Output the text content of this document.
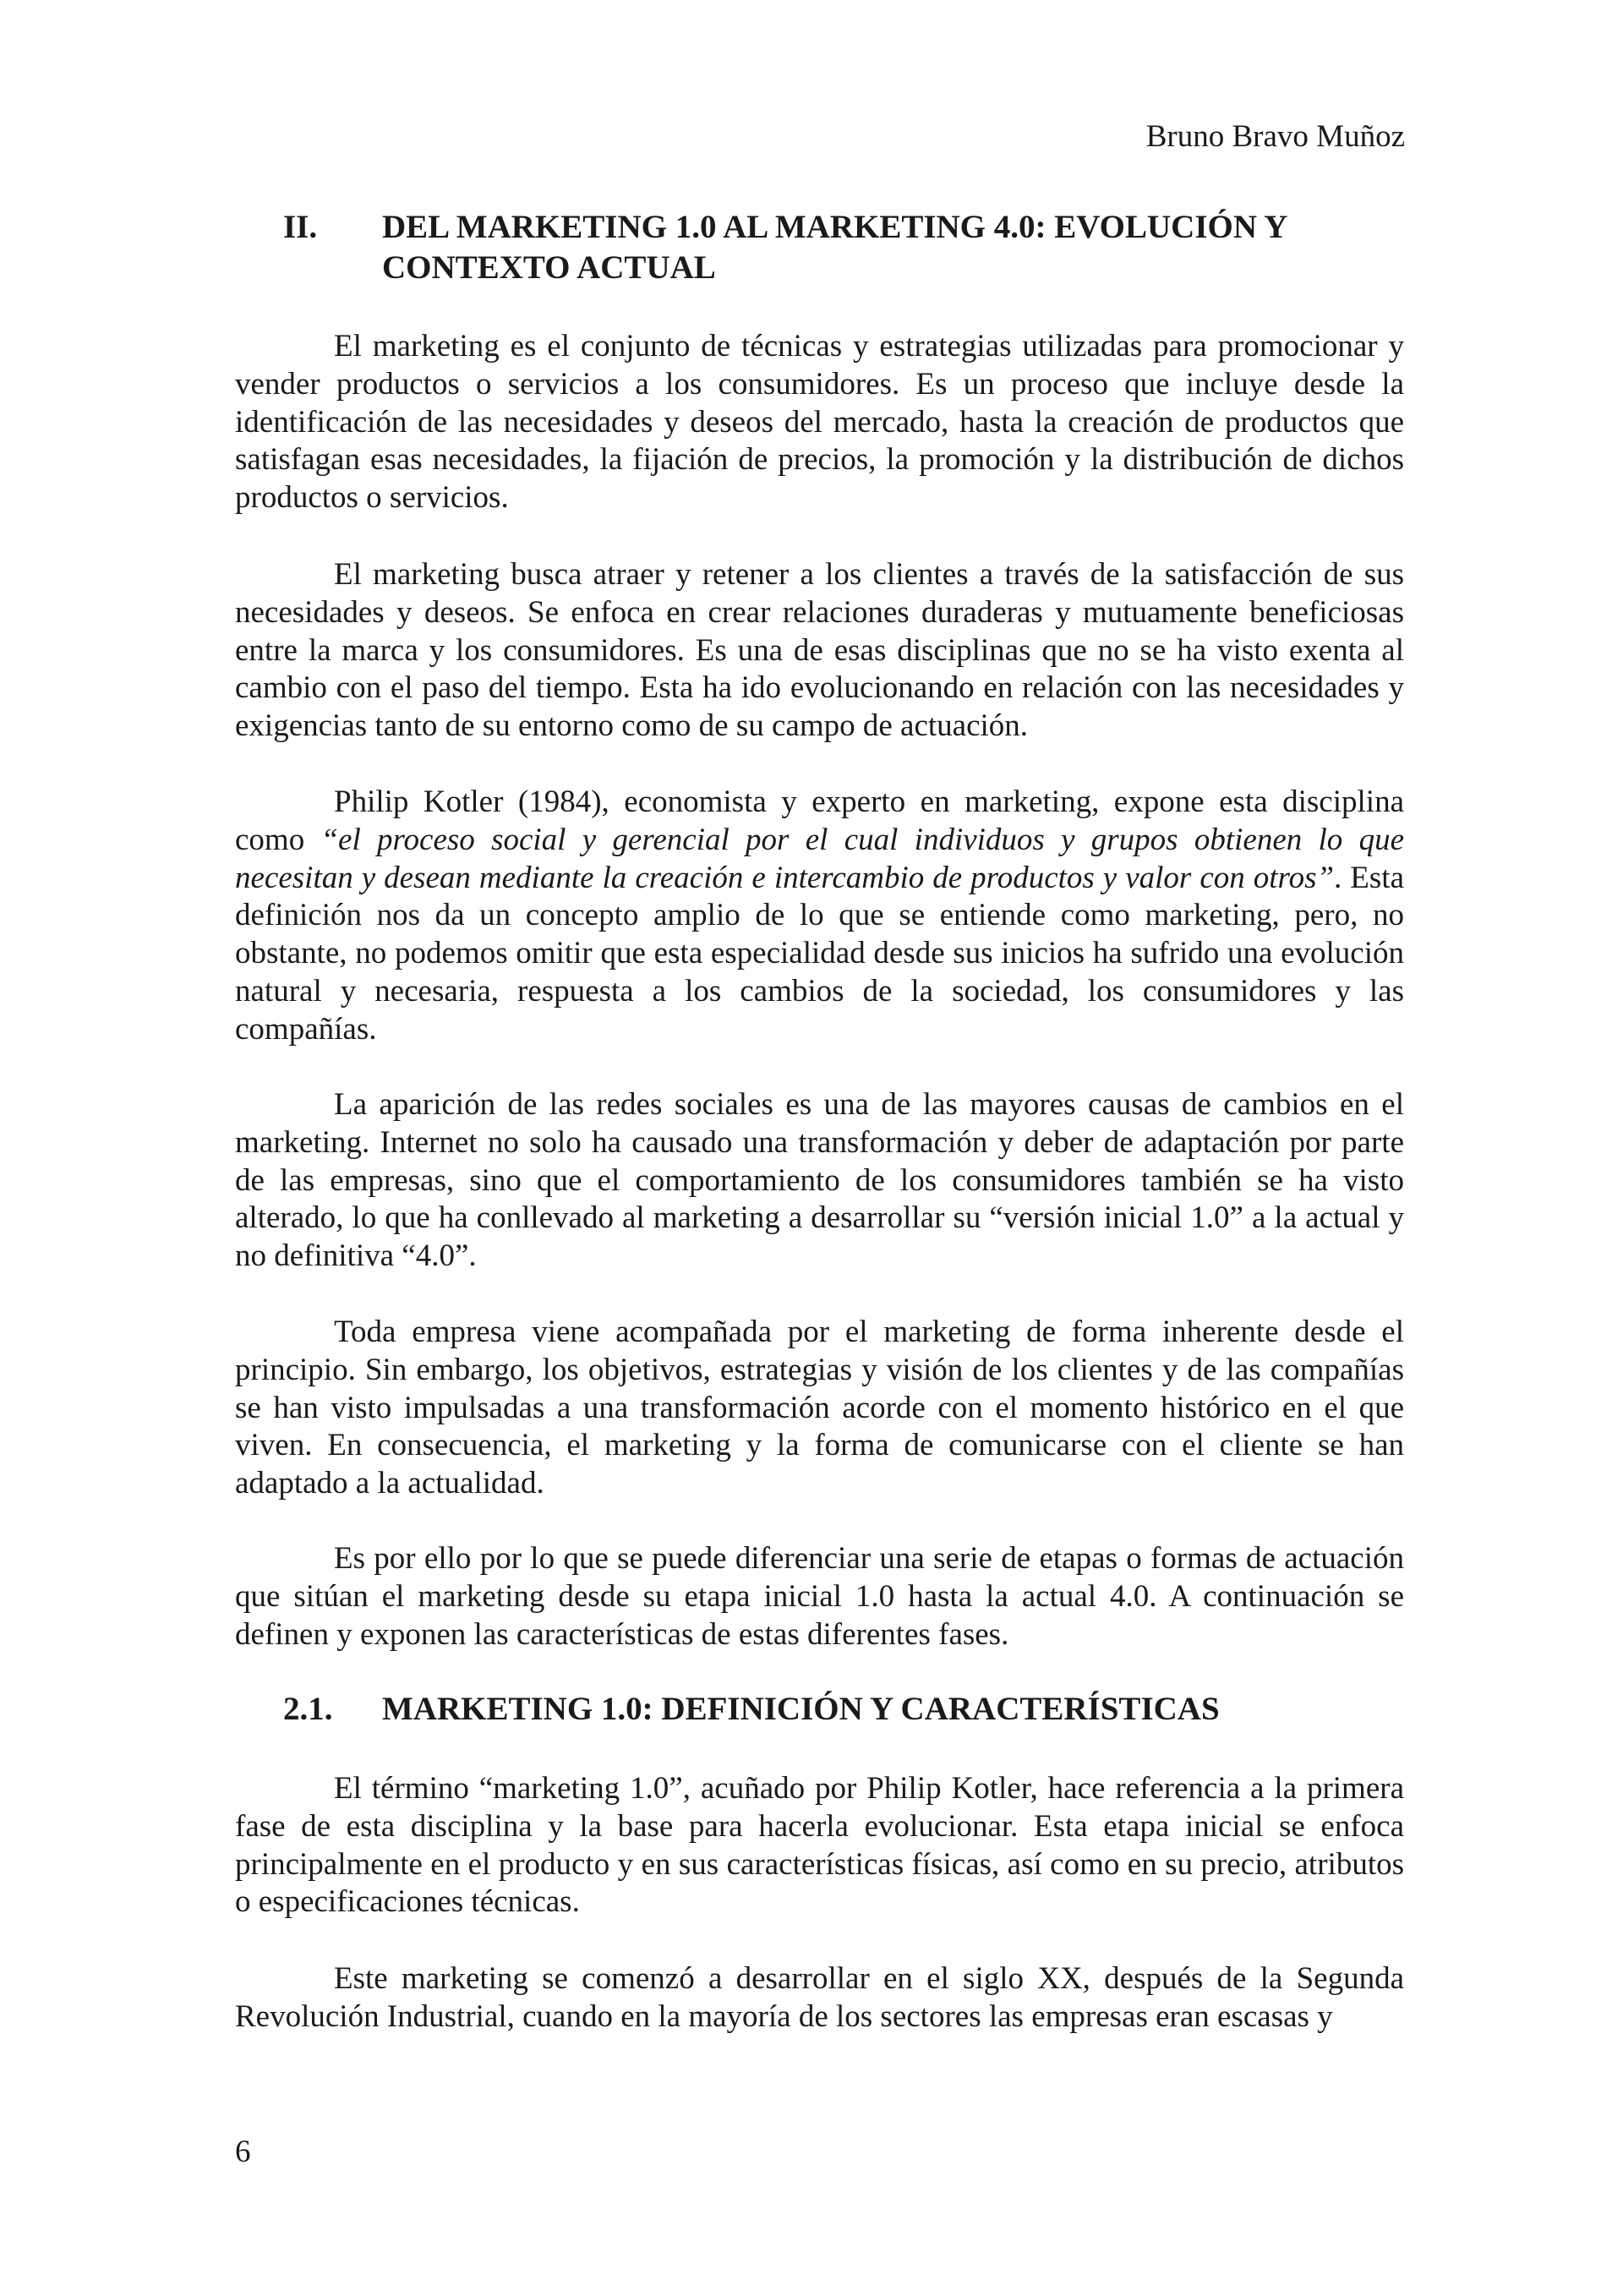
Bruno Bravo Muñoz
II. DEL MARKETING 1.0 AL MARKETING 4.0: EVOLUCIÓN Y CONTEXTO ACTUAL

El marketing es el conjunto de técnicas y estrategias utilizadas para promocionar y vender productos o servicios a los consumidores. Es un proceso que incluye desde la identificación de las necesidades y deseos del mercado, hasta la creación de productos que satisfagan esas necesidades, la fijación de precios, la promoción y la distribución de dichos productos o servicios.

El marketing busca atraer y retener a los clientes a través de la satisfacción de sus necesidades y deseos. Se enfoca en crear relaciones duraderas y mutuamente beneficiosas entre la marca y los consumidores. Es una de esas disciplinas que no se ha visto exenta al cambio con el paso del tiempo. Esta ha ido evolucionando en relación con las necesidades y exigencias tanto de su entorno como de su campo de actuación.

Philip Kotler (1984), economista y experto en marketing, expone esta disciplina como “el proceso social y gerencial por el cual individuos y grupos obtienen lo que necesitan y desean mediante la creación e intercambio de productos y valor con otros”. Esta definición nos da un concepto amplio de lo que se entiende como marketing, pero, no obstante, no podemos omitir que esta especialidad desde sus inicios ha sufrido una evolución natural y necesaria, respuesta a los cambios de la sociedad, los consumidores y las compañías.

La aparición de las redes sociales es una de las mayores causas de cambios en el marketing. Internet no solo ha causado una transformación y deber de adaptación por parte de las empresas, sino que el comportamiento de los consumidores también se ha visto alterado, lo que ha conllevado al marketing a desarrollar su “versión inicial 1.0” a la actual y no definitiva “4.0”.

Toda empresa viene acompañada por el marketing de forma inherente desde el principio. Sin embargo, los objetivos, estrategias y visión de los clientes y de las compañías se han visto impulsadas a una transformación acorde con el momento histórico en el que viven. En consecuencia, el marketing y la forma de comunicarse con el cliente se han adaptado a la actualidad.

Es por ello por lo que se puede diferenciar una serie de etapas o formas de actuación que sitúan el marketing desde su etapa inicial 1.0 hasta la actual 4.0. A continuación se definen y exponen las características de estas diferentes fases.

2.1. MARKETING 1.0: DEFINICIÓN Y CARACTERÍSTICAS

El término “marketing 1.0”, acuñado por Philip Kotler, hace referencia a la primera fase de esta disciplina y la base para hacerla evolucionar. Esta etapa inicial se enfoca principalmente en el producto y en sus características físicas, así como en su precio, atributos o especificaciones técnicas.

Este marketing se comenzó a desarrollar en el siglo XX, después de la Segunda Revolución Industrial, cuando en la mayoría de los sectores las empresas eran escasas y

6
